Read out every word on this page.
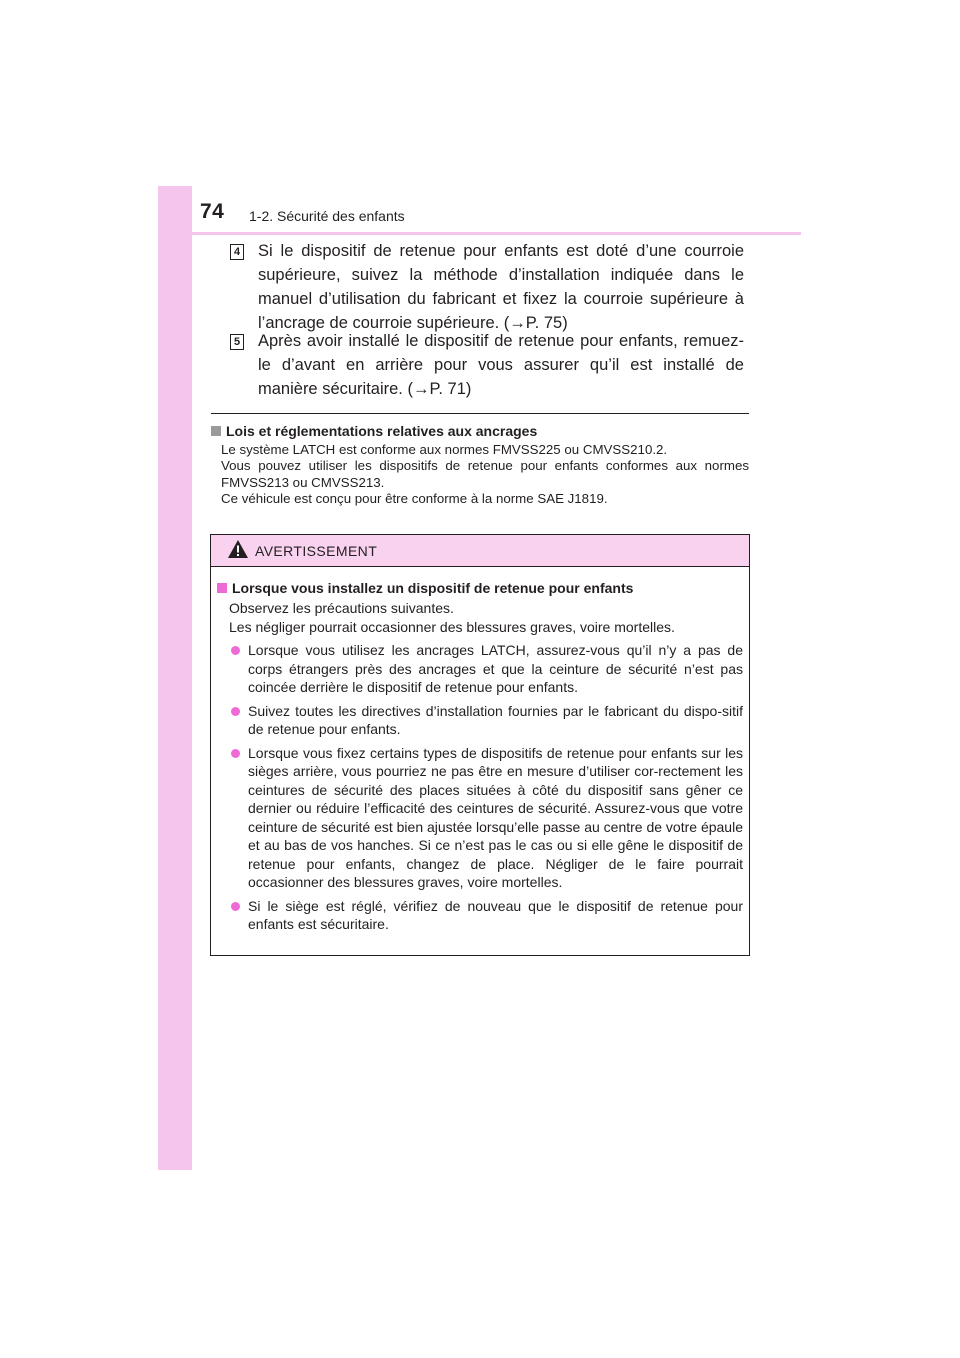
74 1-2. Sécurité des enfants
4 Si le dispositif de retenue pour enfants est doté d’une courroie supérieure, suivez la méthode d’installation indiquée dans le manuel d’utilisation du fabricant et fixez la courroie supérieure à l’ancrage de courroie supérieure. (→P. 75)
5 Après avoir installé le dispositif de retenue pour enfants, remuez-le d’avant en arrière pour vous assurer qu’il est installé de manière sécuritaire. (→P. 71)
Lois et réglementations relatives aux ancrages
Le système LATCH est conforme aux normes FMVSS225 ou CMVSS210.2.
Vous pouvez utiliser les dispositifs de retenue pour enfants conformes aux normes FMVSS213 ou CMVSS213.
Ce véhicule est conçu pour être conforme à la norme SAE J1819.
AVERTISSEMENT
Lorsque vous installez un dispositif de retenue pour enfants
Observez les précautions suivantes.
Les négliger pourrait occasionner des blessures graves, voire mortelles.
Lorsque vous utilisez les ancrages LATCH, assurez-vous qu’il n’y a pas de corps étrangers près des ancrages et que la ceinture de sécurité n’est pas coincée derrière le dispositif de retenue pour enfants.
Suivez toutes les directives d’installation fournies par le fabricant du dispo-sitif de retenue pour enfants.
Lorsque vous fixez certains types de dispositifs de retenue pour enfants sur les sièges arrière, vous pourriez ne pas être en mesure d’utiliser cor-rectement les ceintures de sécurité des places situées à côté du dispositif sans gêner ce dernier ou réduire l’efficacité des ceintures de sécurité. Assurez-vous que votre ceinture de sécurité est bien ajustée lorsqu’elle passe au centre de votre épaule et au bas de vos hanches. Si ce n’est pas le cas ou si elle gêne le dispositif de retenue pour enfants, changez de place. Négliger de le faire pourrait occasionner des blessures graves, voire mortelles.
Si le siège est réglé, vérifiez de nouveau que le dispositif de retenue pour enfants est sécuritaire.
